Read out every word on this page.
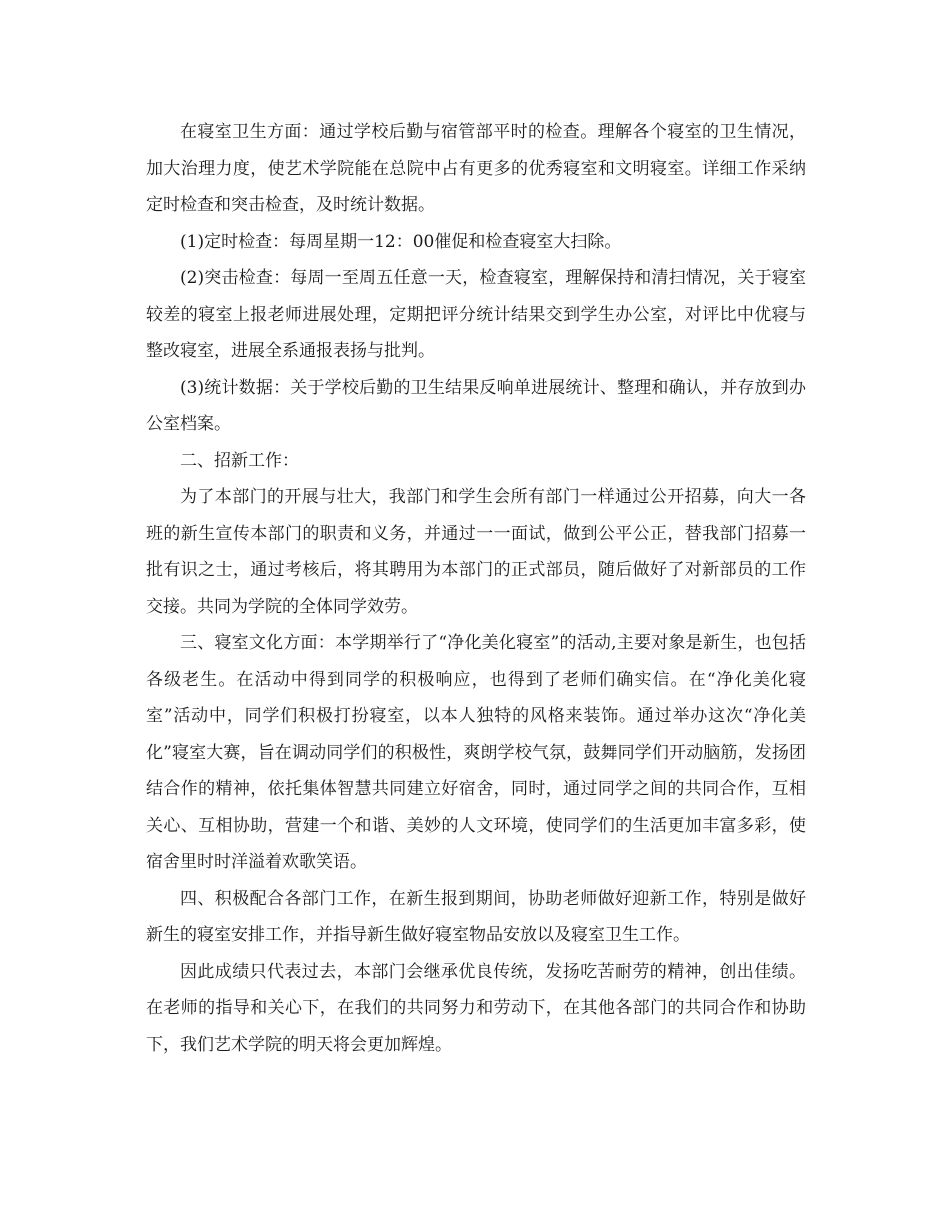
在寝室卫生方面：通过学校后勤与宿管部平时的检查。理解各个寝室的卫生情况，加大治理力度，使艺术学院能在总院中占有更多的优秀寝室和文明寝室。详细工作采纳定时检查和突击检查，及时统计数据。

(1)定时检查：每周星期一12：00催促和检查寝室大扫除。

(2)突击检查：每周一至周五任意一天，检查寝室，理解保持和清扫情况，关于寝室较差的寝室上报老师进展处理，定期把评分统计结果交到学生办公室，对评比中优寝与整改寝室，进展全系通报表扬与批判。

(3)统计数据：关于学校后勤的卫生结果反响单进展统计、整理和确认，并存放到办公室档案。

二、招新工作：

为了本部门的开展与壮大，我部门和学生会所有部门一样通过公开招募，向大一各班的新生宣传本部门的职责和义务，并通过一一面试，做到公平公正，替我部门招募一批有识之士，通过考核后，将其聘用为本部门的正式部员，随后做好了对新部员的工作交接。共同为学院的全体同学效劳。

三、寝室文化方面：本学期举行了“净化美化寝室”的活动,主要对象是新生，也包括各级老生。在活动中得到同学的积极响应，也得到了老师们确实信。在“净化美化寝室”活动中，同学们积极打扮寝室，以本人独特的风格来装饰。通过举办这次“净化美化”寝室大赛，旨在调动同学们的积极性，爽朗学校气氛，鼓舞同学们开动脑筋，发扬团结合作的精神，依托集体智慧共同建立好宿舍，同时，通过同学之间的共同合作，互相关心、互相协助，营建一个和谐、美妙的人文环境，使同学们的生活更加丰富多彩，使宿舍里时时洋溢着欢歌笑语。

四、积极配合各部门工作，在新生报到期间，协助老师做好迎新工作，特别是做好新生的寝室安排工作，并指导新生做好寝室物品安放以及寝室卫生工作。

因此成绩只代表过去，本部门会继承优良传统，发扬吃苦耐劳的精神，创出佳绩。在老师的指导和关心下，在我们的共同努力和劳动下，在其他各部门的共同合作和协助下，我们艺术学院的明天将会更加辉煌。
